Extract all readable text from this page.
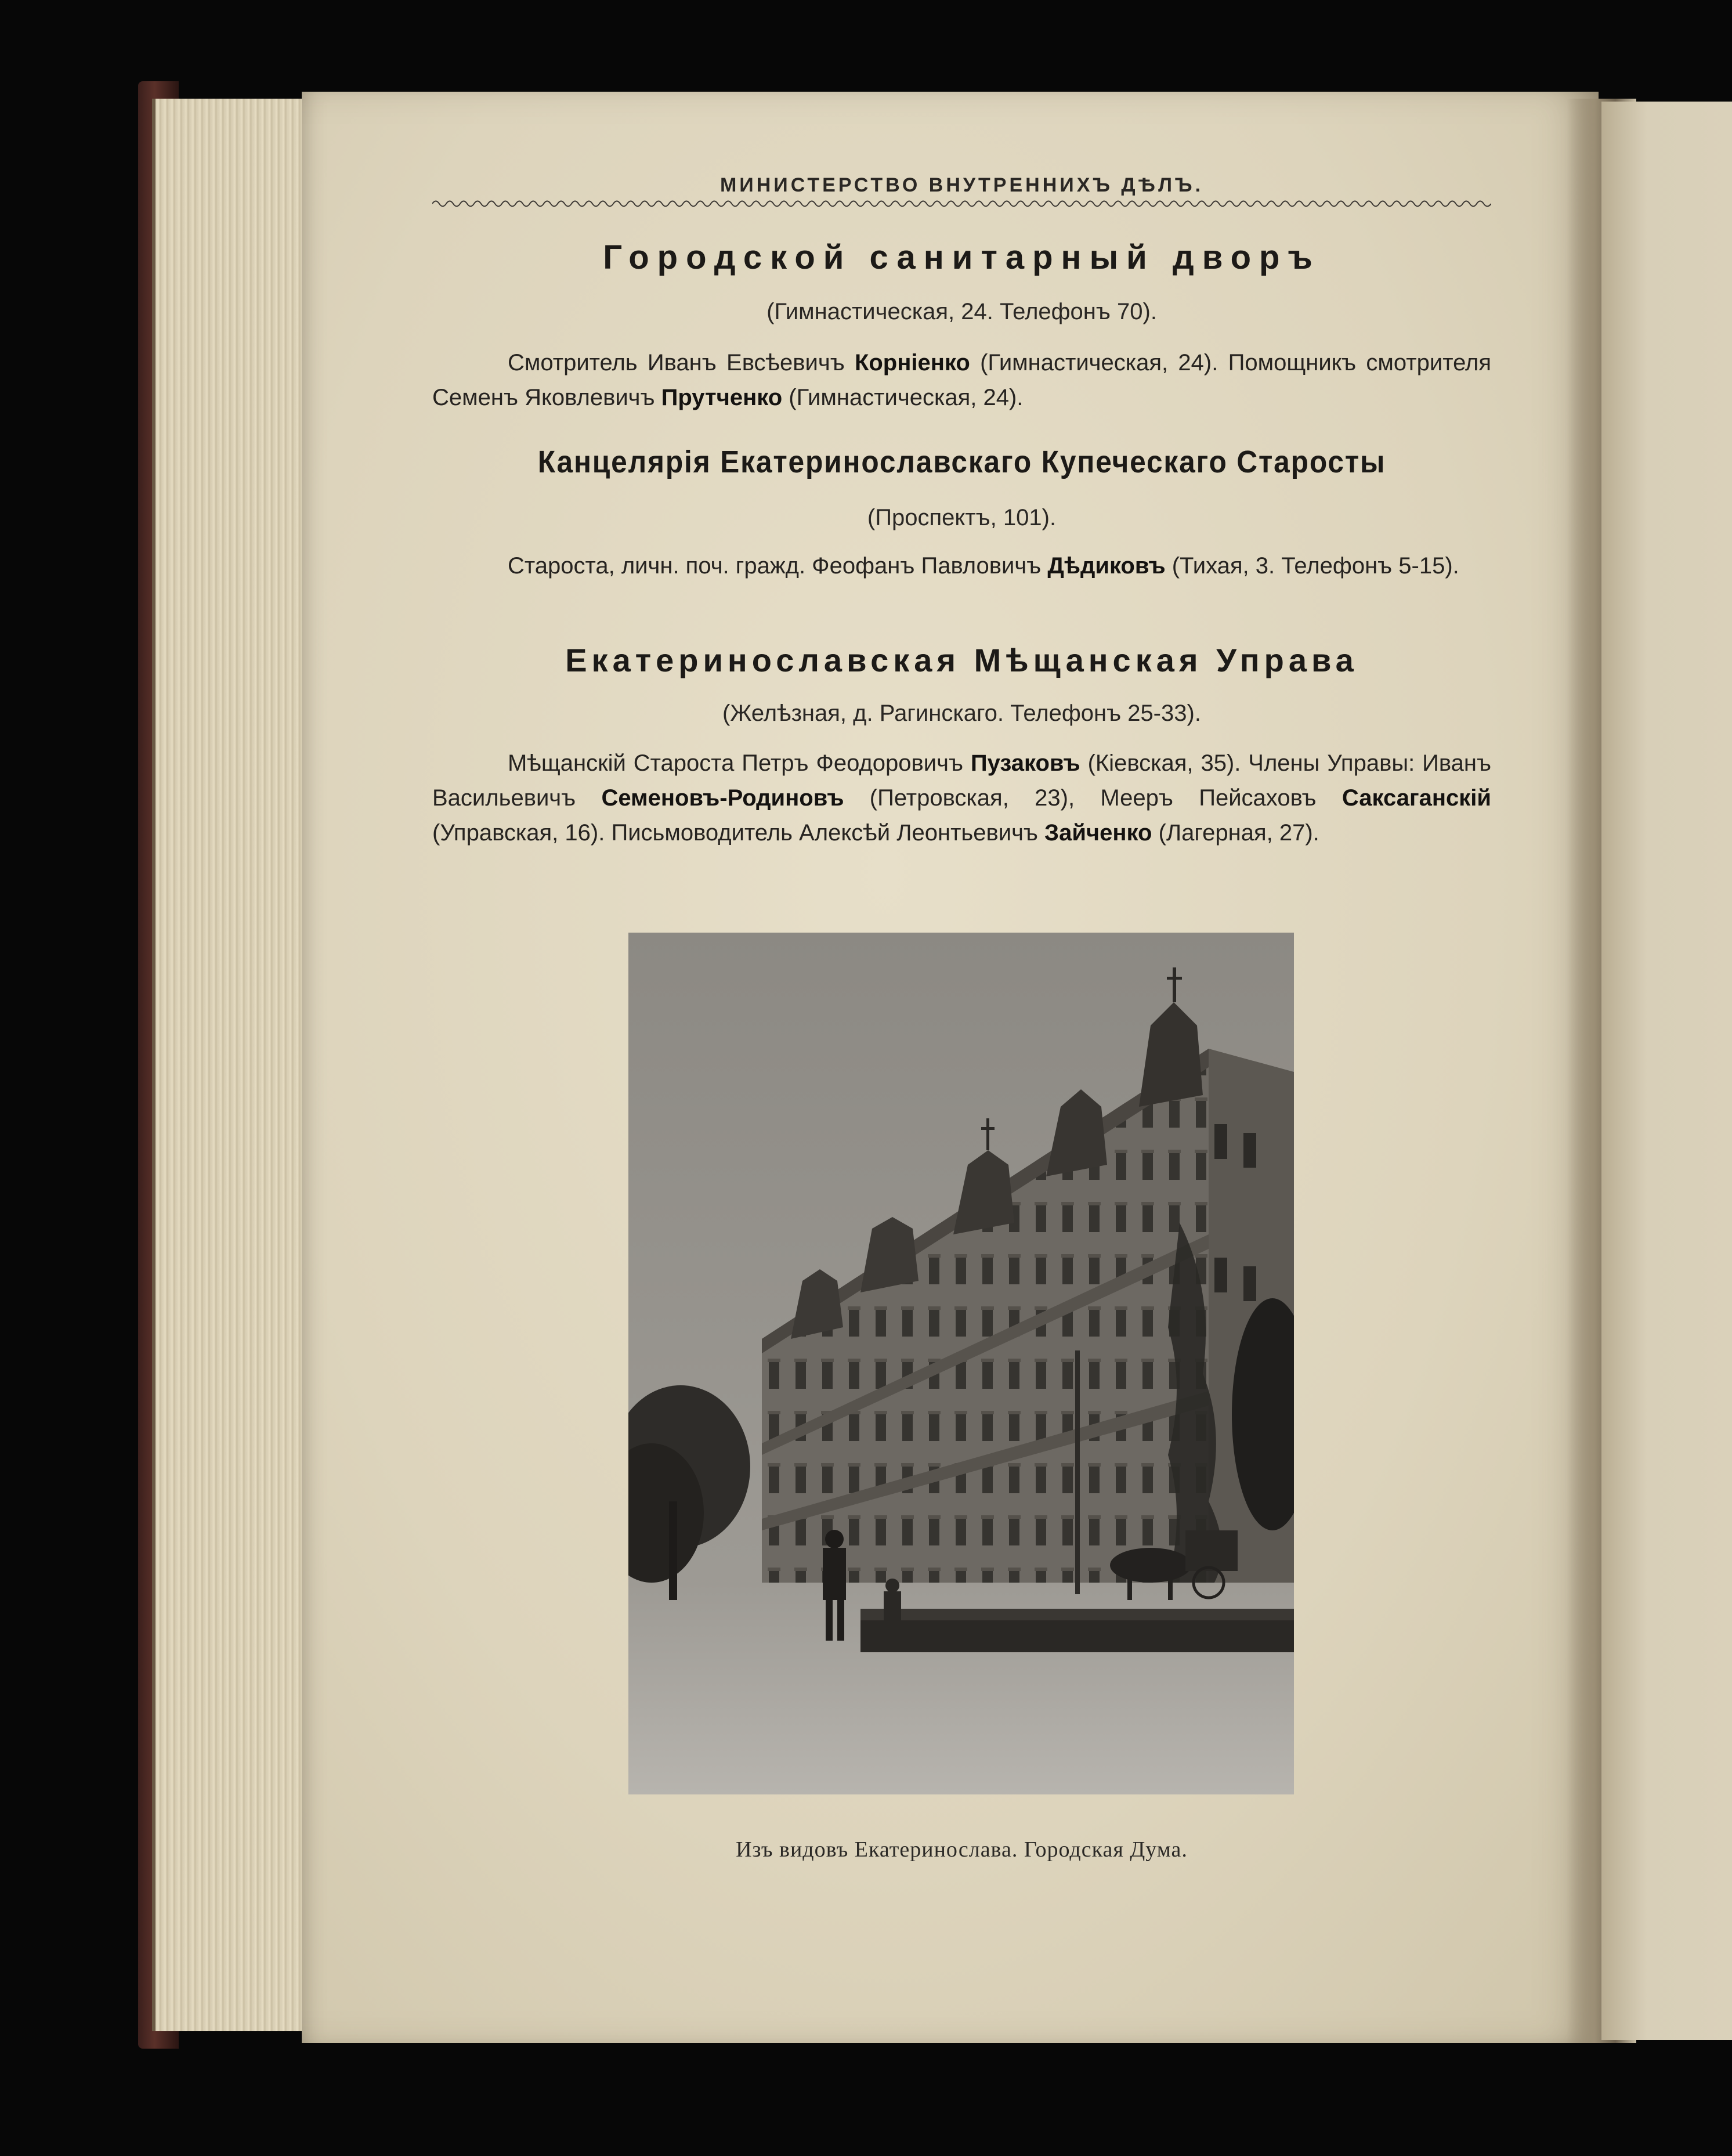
МИНИСТЕРСТВО ВНУТРЕННИХЪ ДѢЛЪ.
Городской санитарный дворъ
(Гимнастическая, 24. Телефонъ 70).
Смотритель Иванъ Евсѣевичъ Корніенко (Гимнастическая, 24). Помощникъ смотрителя Семенъ Яковлевичъ Прутченко (Гимнастическая, 24).
Канцелярія Екатеринославскаго Купеческаго Старосты
(Проспектъ, 101).
Староста, личн. поч. гражд. Феофанъ Павловичъ Дѣдиковъ (Тихая, 3. Телефонъ 5-15).
Екатеринославская Мѣщанская Управа
(Желѣзная, д. Рагинскаго. Телефонъ 25-33).
Мѣщанскій Староста Петръ Феодоровичъ Пузаковъ (Кіевская, 35). Члены Управы: Иванъ Васильевичъ Семеновъ-Родиновъ (Петровская, 23), Мееръ Пейсаховъ Саксаганскій (Управская, 16). Письмоводитель Алексѣй Леонтьевичъ Зайченко (Лагерная, 27).
Изъ видовъ Екатеринослава. Городская Дума.
